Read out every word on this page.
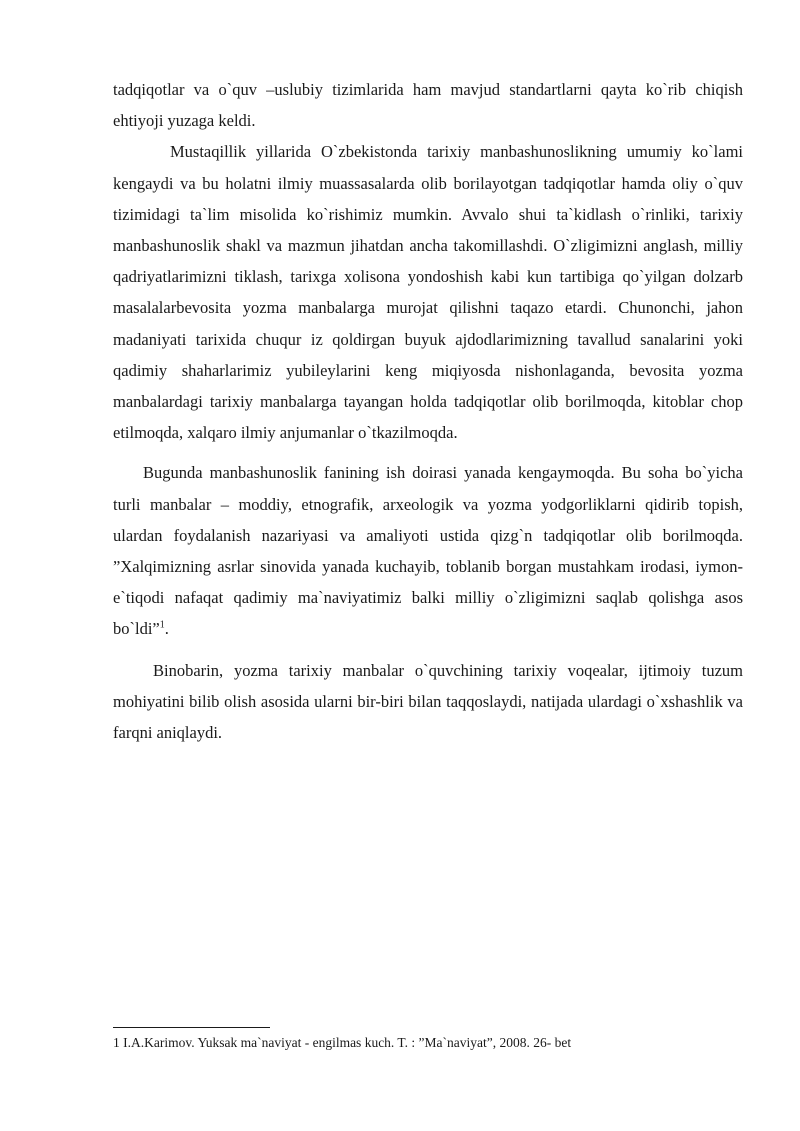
tadqiqotlar va o`quv –uslubiy tizimlarida ham mavjud standartlarni qayta ko`rib chiqish ehtiyoji yuzaga keldi.

Mustaqillik yillarida O`zbekistonda tarixiy manbashunoslikning umumiy ko`lami kengaydi va bu holatni ilmiy muassasalarda olib borilayotgan tadqiqotlar hamda oliy o`quv tizimidagi ta`lim misolida ko`rishimiz mumkin. Avvalo shui ta`kidlash o`rinliki, tarixiy manbashunoslik shakl va mazmun jihatdan ancha takomillashdi. O`zligimizni anglash, milliy qadriyatlarimizni tiklash, tarixga xolisona yondoshish kabi kun tartibiga qo`yilgan dolzarb masalalarbevosita yozma manbalarga murojat qilishni taqazo etardi. Chunonchi, jahon madaniyati tarixida chuqur iz qoldirgan buyuk ajdodlarimizning tavallud sanalarini yoki qadimiy shaharlarimiz yubileylarini keng miqiyosda nishonlaganda, bevosita yozma manbalardagi tarixiy manbalarga tayangan holda tadqiqotlar olib borilmoqda, kitoblar chop etilmoqda, xalqaro ilmiy anjumanlar o`tkazilmoqda.

Bugunda manbashunoslik fanining ish doirasi yanada kengaymoqda. Bu soha bo`yicha turli manbalar – moddiy, etnografik, arxeologik va yozma yodgorliklarni qidirib topish, ulardan foydalanish nazariyasi va amaliyoti ustida qizg`n tadqiqotlar olib borilmoqda. ”Xalqimizning asrlar sinovida yanada kuchayib, toblanib borgan mustahkam irodasi, iymon-e`tiqodi nafaqat qadimiy ma`naviyatimiz balki milliy o`zligimizni saqlab qolishga asos bo`ldi”$^1$.

Binobarin, yozma tarixiy manbalar o`quvchining tarixiy voqealar, ijtimoiy tuzum mohiyatini bilib olish asosida ularni bir-biri bilan taqqoslaydi, natijada ulardagi o`xshashlik va farqni aniqlaydi.

1 I.A.Karimov. Yuksak ma`naviyat - engilmas kuch. T. : ”Ma`naviyat”, 2008. 26- bet
